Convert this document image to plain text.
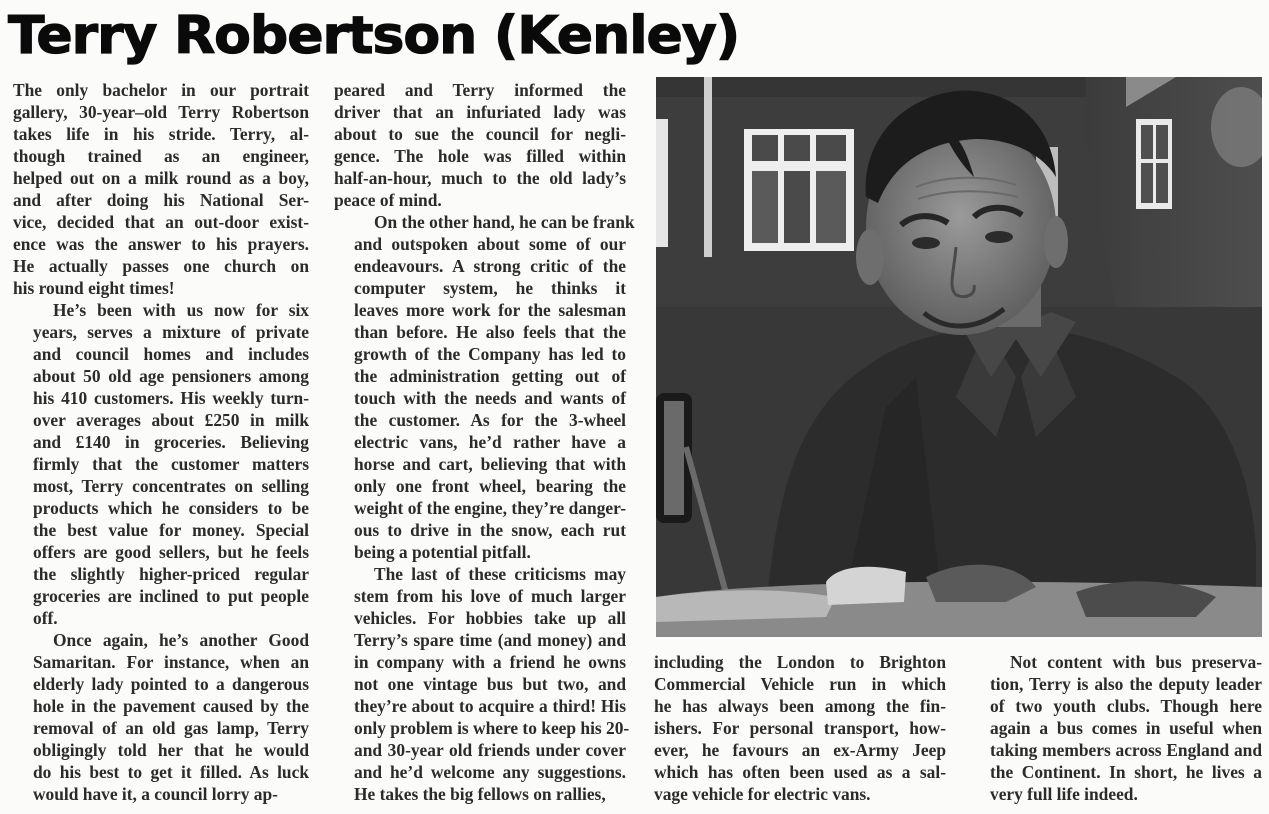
Terry Robertson (Kenley)

The only bachelor in our portrait
gallery, 30-year–old Terry Robertson
takes life in his stride. Terry, al-
though trained as an engineer,
helped out on a milk round as a boy,
and after doing his National Ser-
vice, decided that an out-door exist-
ence was the answer to his prayers.
He actually passes one church on
his round eight times!

He’s been with us now for six
years, serves a mixture of private
and council homes and includes
about 50 old age pensioners among
his 410 customers. His weekly turn-
over averages about £250 in milk
and £140 in groceries. Believing
firmly that the customer matters
most, Terry concentrates on selling
products which he considers to be
the best value for money. Special
offers are good sellers, but he feels
the slightly higher-priced regular
groceries are inclined to put people
off.

Once again, he’s another Good
Samaritan. For instance, when an
elderly lady pointed to a dangerous
hole in the pavement caused by the
removal of an old gas lamp, Terry
obligingly told her that he would
do his best to get it filled. As luck
would have it, a council lorry ap-

peared and Terry informed the
driver that an infuriated lady was
about to sue the council for negli-
gence. The hole was filled within
half-an-hour, much to the old lady’s
peace of mind.

On the other hand, he can be frank
and outspoken about some of our
endeavours. A strong critic of the
computer system, he thinks it
leaves more work for the salesman
than before. He also feels that the
growth of the Company has led to
the administration getting out of
touch with the needs and wants of
the customer. As for the 3-wheel
electric vans, he’d rather have a
horse and cart, believing that with
only one front wheel, bearing the
weight of the engine, they’re danger-
ous to drive in the snow, each rut
being a potential pitfall.

The last of these criticisms may
stem from his love of much larger
vehicles. For hobbies take up all
Terry’s spare time (and money) and
in company with a friend he owns
not one vintage bus but two, and
they’re about to acquire a third! His
only problem is where to keep his 20-
and 30-year old friends under cover
and he’d welcome any suggestions.
He takes the big fellows on rallies,

including the London to Brighton
Commercial Vehicle run in which
he has always been among the fin-
ishers. For personal transport, how-
ever, he favours an ex-Army Jeep
which has often been used as a sal-
vage vehicle for electric vans.

Not content with bus preserva-
tion, Terry is also the deputy leader
of two youth clubs. Though here
again a bus comes in useful when
taking members across England and
the Continent. In short, he lives a
very full life indeed.
